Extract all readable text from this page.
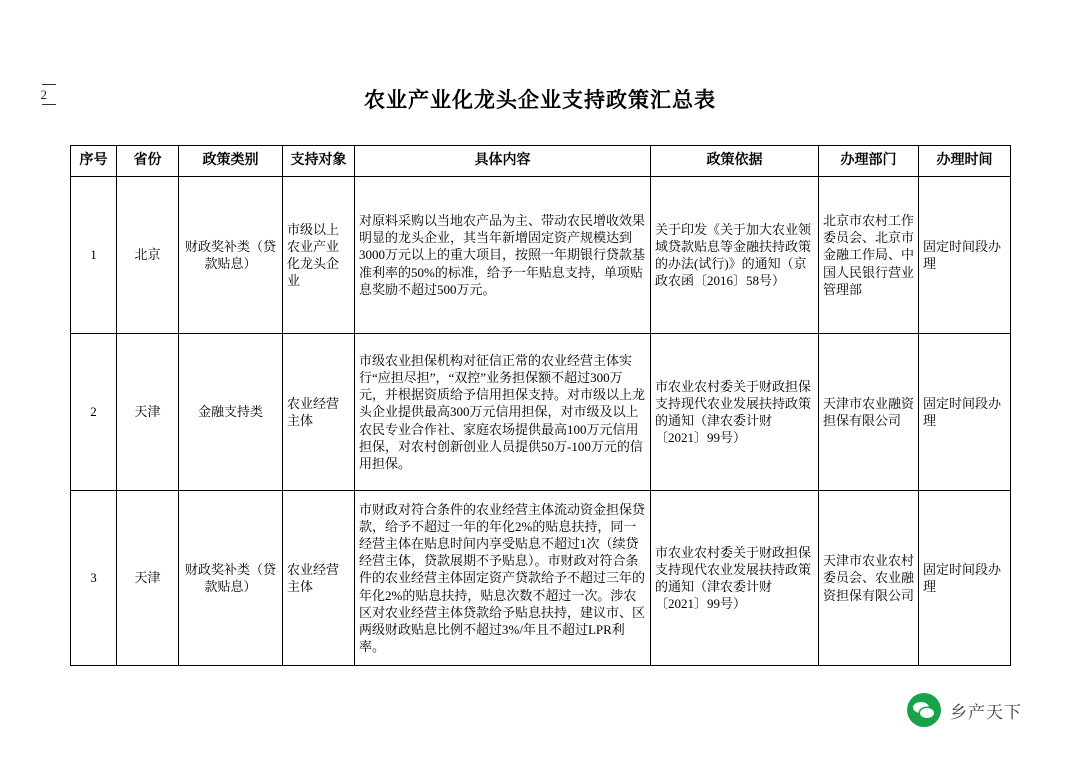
2	农业产业化龙头企业支持政策汇总表
序号	省份	政策类别	支持对象	具体内容	政策依据	办理部门	办理时间
1	北京	财政奖补类（贷款贴息）	市级以上农业产业化龙头企业	对原料采购以当地农产品为主、带动农民增收效果明显的龙头企业，其当年新增固定资产规模达到3000万元以上的重大项目，按照一年期银行贷款基准利率的50%的标准，给予一年贴息支持，单项贴息奖励不超过500万元。	关于印发《关于加大农业领域贷款贴息等金融扶持政策的办法(试行)》的通知（京政农函〔2016〕58号）	北京市农村工作委员会、北京市金融工作局、中国人民银行营业管理部	固定时间段办理
2	天津	金融支持类	农业经营主体	市级农业担保机构对征信正常的农业经营主体实行“应担尽担”，“双控”业务担保额不超过300万元，并根据资质给予信用担保支持。对市级以上龙头企业提供最高300万元信用担保，对市级及以上农民专业合作社、家庭农场提供最高100万元信用担保，对农村创新创业人员提供50万-100万元的信用担保。	市农业农村委关于财政担保支持现代农业发展扶持政策的通知（津农委计财〔2021〕99号）	天津市农业融资担保有限公司	固定时间段办理
3	天津	财政奖补类（贷款贴息）	农业经营主体	市财政对符合条件的农业经营主体流动资金担保贷款，给予不超过一年的年化2%的贴息扶持，同一经营主体在贴息时间内享受贴息不超过1次（续贷经营主体，贷款展期不予贴息）。市财政对符合条件的农业经营主体固定资产贷款给予不超过三年的年化2%的贴息扶持，贴息次数不超过一次。涉农区对农业经营主体贷款给予贴息扶持，建议市、区两级财政贴息比例不超过3%/年且不超过LPR利率。	市农业农村委关于财政担保支持现代农业发展扶持政策的通知（津农委计财〔2021〕99号）	天津市农业农村委员会、农业融资担保有限公司	固定时间段办理
乡产天下
